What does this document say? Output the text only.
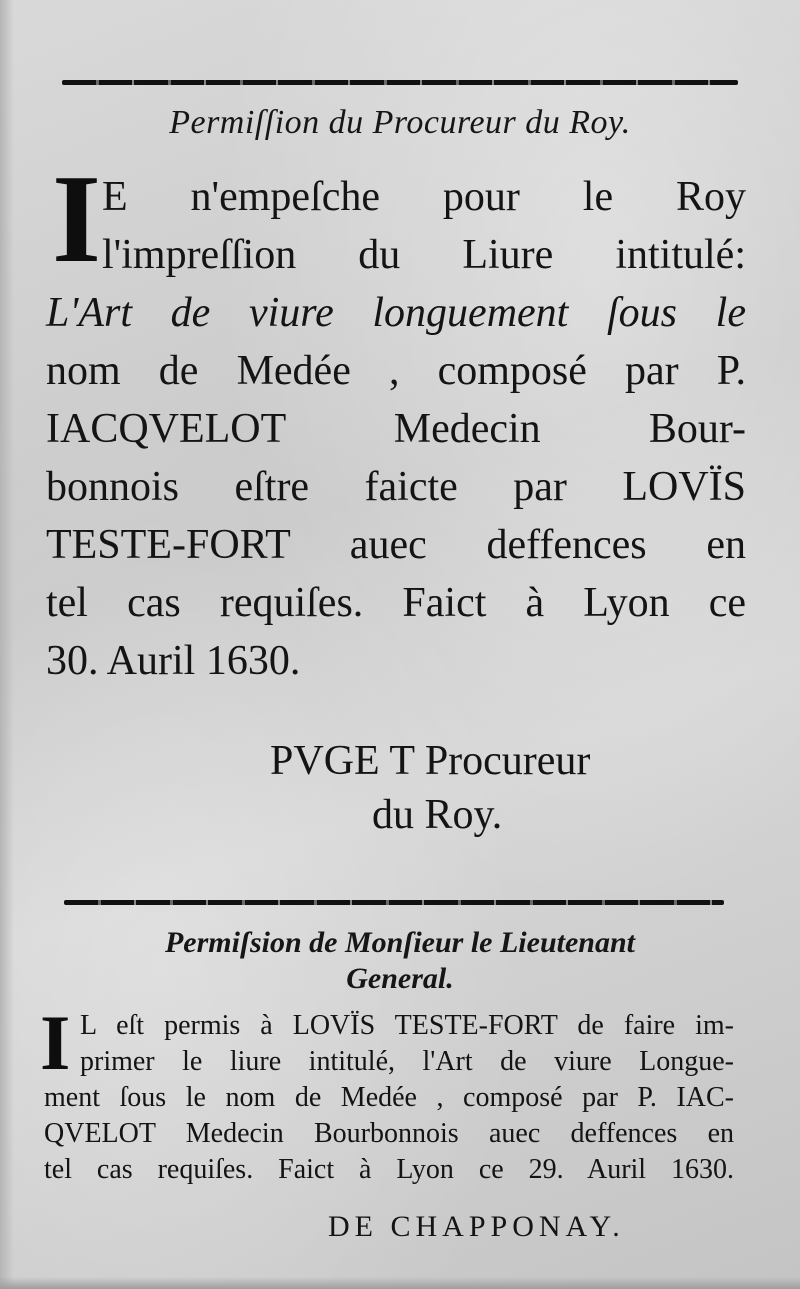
Permiſſion du Procureur du Roy.
I E n'empeſche pour le Roy
l'impreſſion du Liure intitulé:
L'Art de viure longuement ſous le
nom de Medée , composé par P.
IACQVELOT Medecin Bour-
bonnois eſtre faicte par LOVÏS
TESTE-FORT auec deffences en
tel cas requiſes. Faict à Lyon ce
30. Auril 1630.
PVGE T Procureur
du Roy.
Permiſsion de Monſieur le Lieutenant
General.
I L eſt permis à LOVÏS TESTE-FORT de faire im-
primer le liure intitulé, l'Art de viure Longue-
ment ſous le nom de Medée , composé par P. IAC-
QVELOT Medecin Bourbonnois auec deffences en
tel cas requiſes. Faict à Lyon ce 29. Auril 1630.
DE CHAPPONAY.
